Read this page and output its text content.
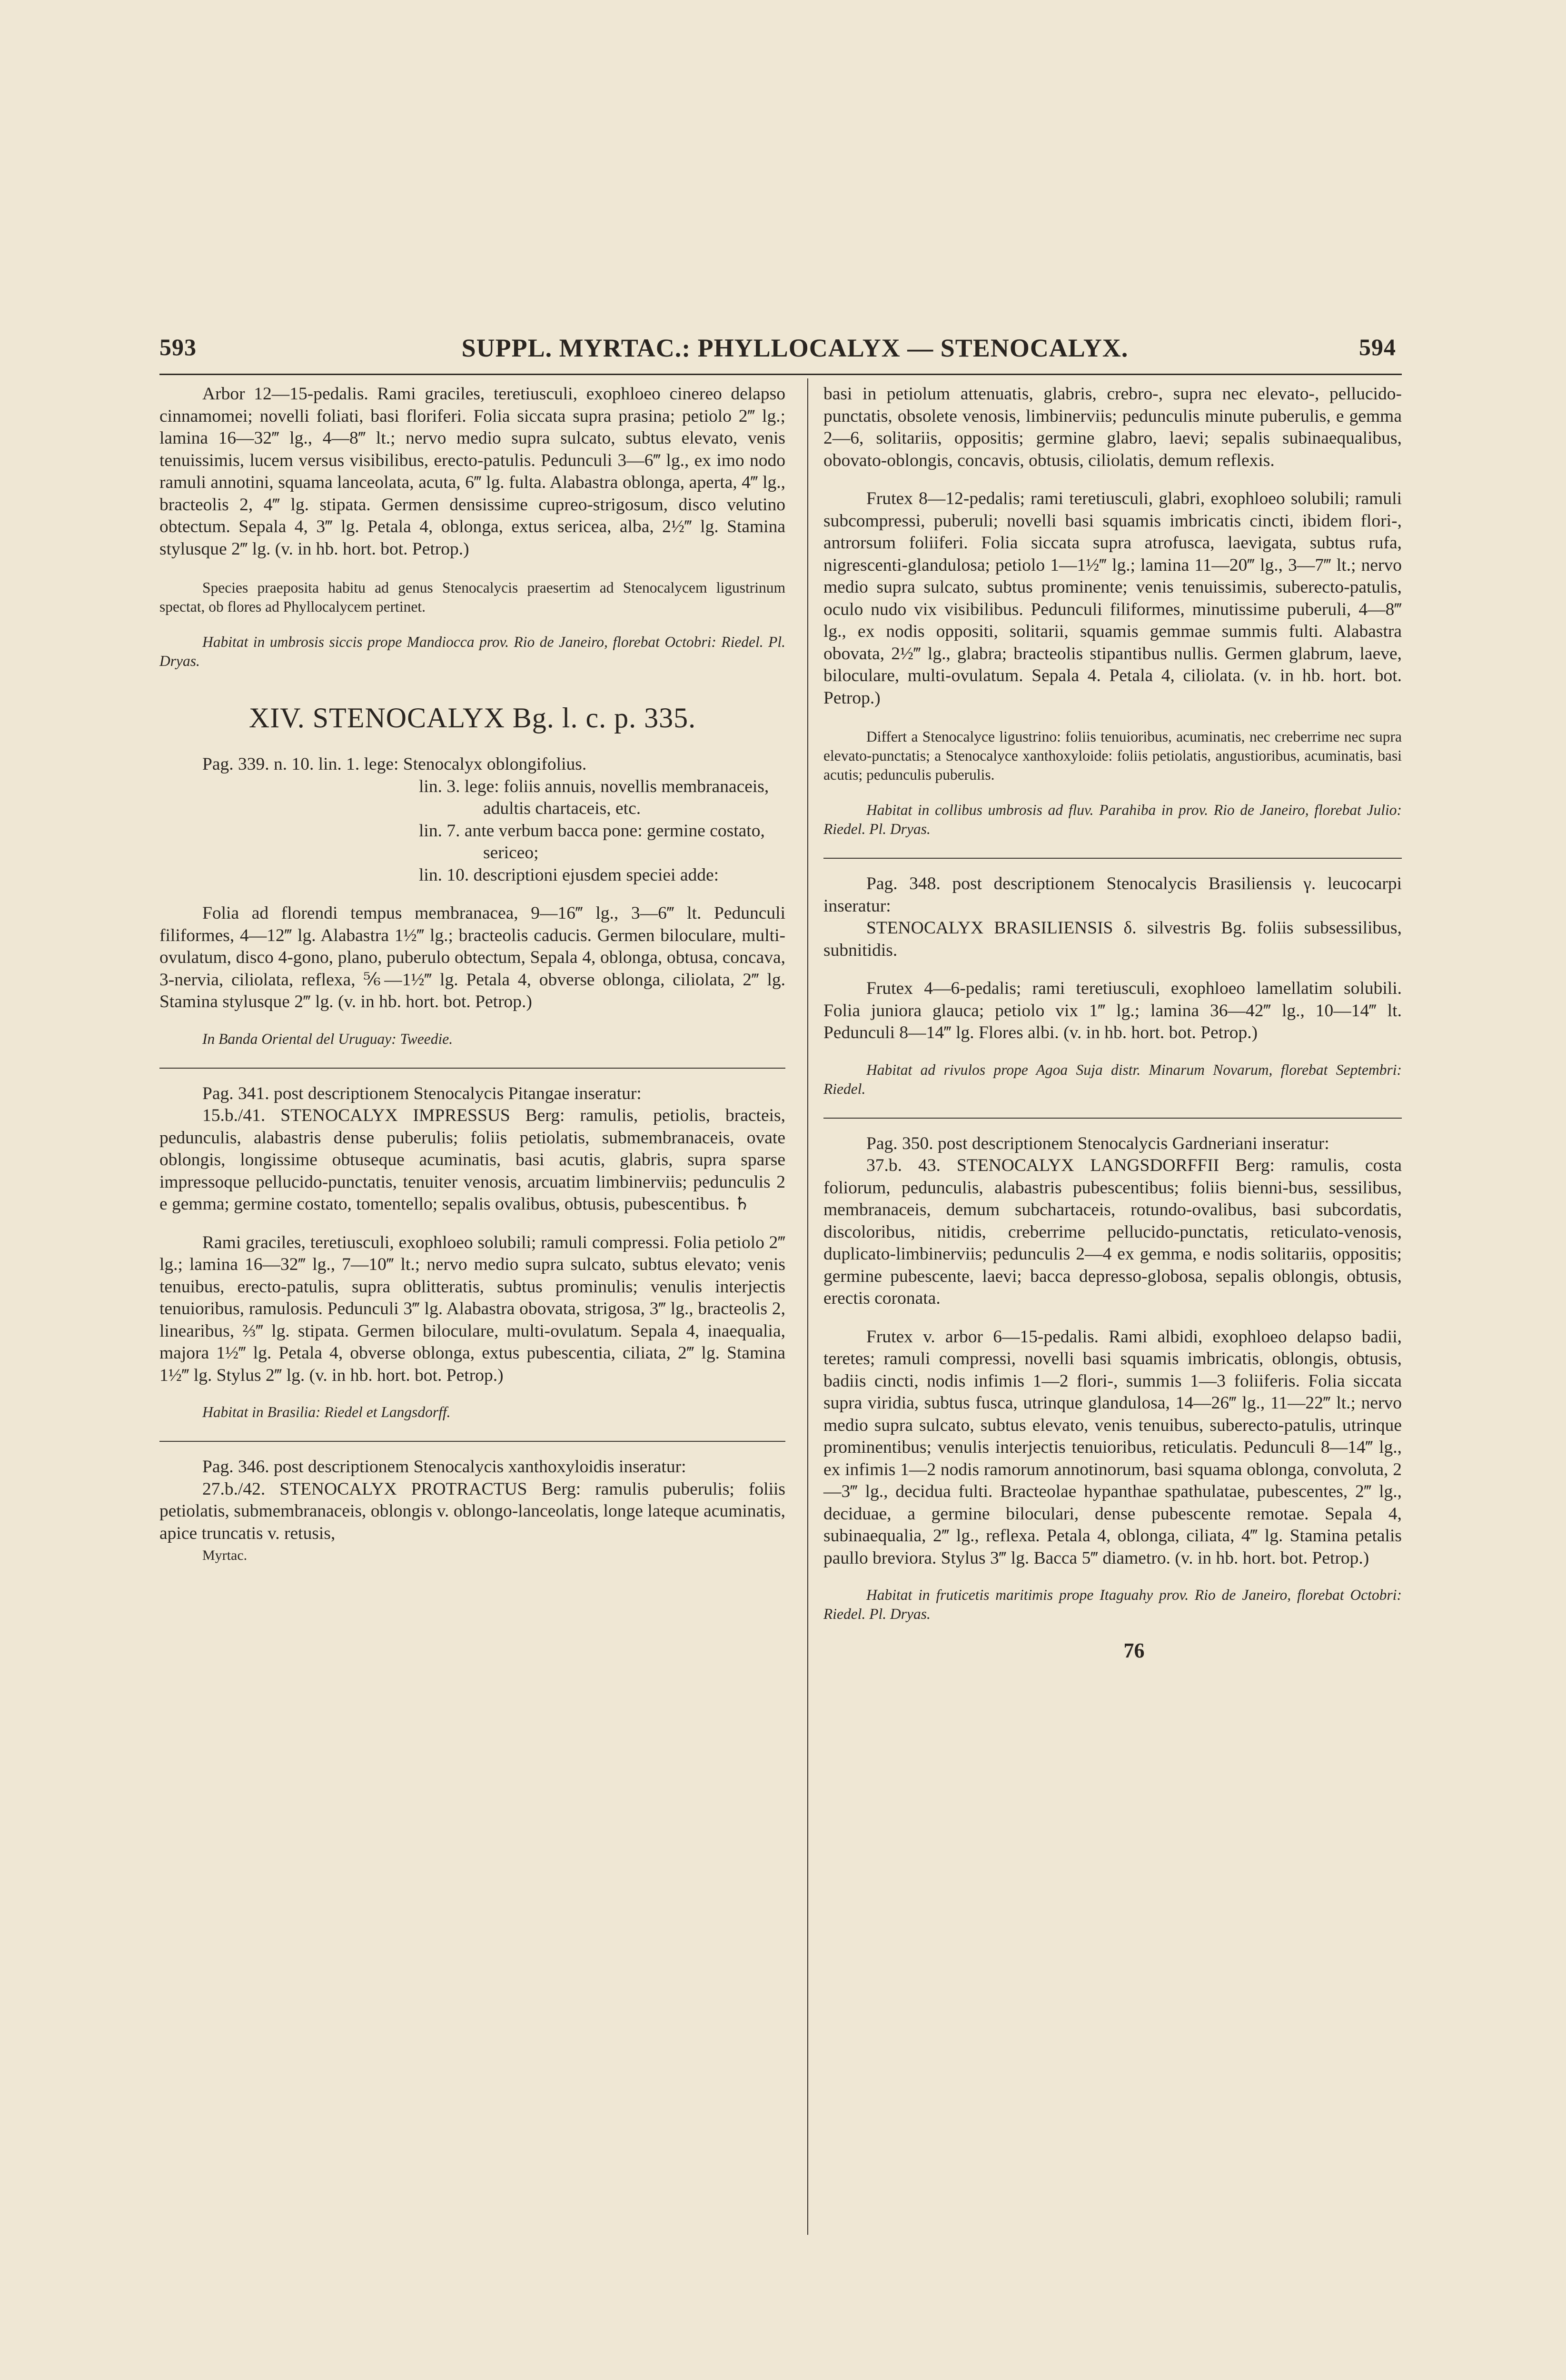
593	SUPPL. MYRTAC.: PHYLLOCALYX — STENOCALYX.	594

Arbor 12—15-pedalis. Rami graciles, teretiusculi, exophloeo cinereo delapso cinnamomei; novelli foliati, basi floriferi. Folia siccata supra prasina; petiolo 2‴ lg.; lamina 16—32‴ lg., 4—8‴ lt.; nervo medio supra sulcato, subtus elevato, venis tenuissimis, lucem versus visibilibus, erecto-patulis. Pedunculi 3—6‴ lg., ex imo nodo ramuli annotini, squama lanceolata, acuta, 6‴ lg. fulta. Alabastra oblonga, aperta, 4‴ lg., bracteolis 2, 4‴ lg. stipata. Germen densissime cupreo-strigosum, disco velutino obtectum. Sepala 4, 3‴ lg. Petala 4, oblonga, extus sericea, alba, 2½‴ lg. Stamina stylusque 2‴ lg. (v. in hb. hort. bot. Petrop.)

Species praeposita habitu ad genus Stenocalycis praesertim ad Stenocalycem ligustrinum spectat, ob flores ad Phyllocalycem pertinet.

Habitat in umbrosis siccis prope Mandiocca prov. Rio de Janeiro, florebat Octobri: Riedel. Pl. Dryas.

XIV. STENOCALYX Bg. l. c. p. 335.

Pag. 339. n. 10. lin. 1. lege: Stenocalyx oblongifolius.

lin. 3. lege: foliis annuis, novellis membranaceis,
adultis chartaceis, etc.

lin. 7. ante verbum bacca pone: germine costato,
sericeo;

lin. 10. descriptioni ejusdem speciei adde:

Folia ad florendi tempus membranacea, 9—16‴ lg., 3—6‴ lt. Pedunculi filiformes, 4—12‴ lg. Alabastra 1½‴ lg.; bracteolis caducis. Germen biloculare, multi-ovulatum, disco 4-gono, plano, puberulo obtectum, Sepala 4, oblonga, obtusa, concava, 3-nervia, ciliolata, reflexa, ⅚—1½‴ lg. Petala 4, obverse oblonga, ciliolata, 2‴ lg. Stamina stylusque 2‴ lg. (v. in hb. hort. bot. Petrop.)

In Banda Oriental del Uruguay: Tweedie.

Pag. 341. post descriptionem Stenocalycis Pitangae inseratur:

15.b./41. STENOCALYX IMPRESSUS Berg: ramulis, petiolis, bracteis, pedunculis, alabastris dense puberulis; foliis petiolatis, submembranaceis, ovate oblongis, longissime obtuseque acuminatis, basi acutis, glabris, supra sparse impressoque pellucido-punctatis, tenuiter venosis, arcuatim limbinerviis; pedunculis 2 e gemma; germine costato, tomentello; sepalis ovalibus, obtusis, pubescentibus. ♄

Rami graciles, teretiusculi, exophloeo solubili; ramuli compressi. Folia petiolo 2‴ lg.; lamina 16—32‴ lg., 7—10‴ lt.; nervo medio supra sulcato, subtus elevato; venis tenuibus, erecto-patulis, supra oblitteratis, subtus prominulis; venulis interjectis tenuioribus, ramulosis. Pedunculi 3‴ lg. Alabastra obovata, strigosa, 3‴ lg., bracteolis 2, linearibus, ⅔‴ lg. stipata. Germen biloculare, multi-ovulatum. Sepala 4, inaequalia, majora 1½‴ lg. Petala 4, obverse oblonga, extus pubescentia, ciliata, 2‴ lg. Stamina 1½‴ lg. Stylus 2‴ lg. (v. in hb. hort. bot. Petrop.)

Habitat in Brasilia: Riedel et Langsdorff.

Pag. 346. post descriptionem Stenocalycis xanthoxyloidis inseratur:

27.b./42. STENOCALYX PROTRACTUS Berg: ramulis puberulis; foliis petiolatis, submembranaceis, oblongis v. oblongo-lanceolatis, longe lateque acuminatis, apice truncatis v. retusis,

Myrtac.

basi in petiolum attenuatis, glabris, crebro-, supra nec elevato-, pellucido-punctatis, obsolete venosis, limbinerviis; pedunculis minute puberulis, e gemma 2—6, solitariis, oppositis; germine glabro, laevi; sepalis subinaequalibus, obovato-oblongis, concavis, obtusis, ciliolatis, demum reflexis.

Frutex 8—12-pedalis; rami teretiusculi, glabri, exophloeo solubili; ramuli subcompressi, puberuli; novelli basi squamis imbricatis cincti, ibidem flori-, antrorsum foliiferi. Folia siccata supra atrofusca, laevigata, subtus rufa, nigrescenti-glandulosa; petiolo 1—1½‴ lg.; lamina 11—20‴ lg., 3—7‴ lt.; nervo medio supra sulcato, subtus prominente; venis tenuissimis, suberecto-patulis, oculo nudo vix visibilibus. Pedunculi filiformes, minutissime puberuli, 4—8‴ lg., ex nodis oppositi, solitarii, squamis gemmae summis fulti. Alabastra obovata, 2½‴ lg., glabra; bracteolis stipantibus nullis. Germen glabrum, laeve, biloculare, multi-ovulatum. Sepala 4. Petala 4, ciliolata. (v. in hb. hort. bot. Petrop.)

Differt a Stenocalyce ligustrino: foliis tenuioribus, acuminatis, nec creberrime nec supra elevato-punctatis; a Stenocalyce xanthoxyloide: foliis petiolatis, angustioribus, acuminatis, basi acutis; pedunculis puberulis.

Habitat in collibus umbrosis ad fluv. Parahiba in prov. Rio de Janeiro, florebat Julio: Riedel. Pl. Dryas.

Pag. 348. post descriptionem Stenocalycis Brasiliensis γ. leucocarpi inseratur:

STENOCALYX BRASILIENSIS δ. silvestris Bg. foliis subsessilibus, subnitidis.

Frutex 4—6-pedalis; rami teretiusculi, exophloeo lamellatim solubili. Folia juniora glauca; petiolo vix 1‴ lg.; lamina 36—42‴ lg., 10—14‴ lt. Pedunculi 8—14‴ lg. Flores albi. (v. in hb. hort. bot. Petrop.)

Habitat ad rivulos prope Agoa Suja distr. Minarum Novarum, florebat Septembri: Riedel.

Pag. 350. post descriptionem Stenocalycis Gardneriani inseratur:

37.b. 43. STENOCALYX LANGSDORFFII Berg: ramulis, costa foliorum, pedunculis, alabastris pubescentibus; foliis bienni-bus, sessilibus, membranaceis, demum subchartaceis, rotundo-ovalibus, basi subcordatis, discoloribus, nitidis, creberrime pellucido-punctatis, reticulato-venosis, duplicato-limbinerviis; pedunculis 2—4 ex gemma, e nodis solitariis, oppositis; germine pubescente, laevi; bacca depresso-globosa, sepalis oblongis, obtusis, erectis coronata.

Frutex v. arbor 6—15-pedalis. Rami albidi, exophloeo delapso badii, teretes; ramuli compressi, novelli basi squamis imbricatis, oblongis, obtusis, badiis cincti, nodis infimis 1—2 flori-, summis 1—3 foliiferis. Folia siccata supra viridia, subtus fusca, utrinque glandulosa, 14—26‴ lg., 11—22‴ lt.; nervo medio supra sulcato, subtus elevato, venis tenuibus, suberecto-patulis, utrinque prominentibus; venulis interjectis tenuioribus, reticulatis. Pedunculi 8—14‴ lg., ex infimis 1—2 nodis ramorum annotinorum, basi squama oblonga, convoluta, 2—3‴ lg., decidua fulti. Bracteolae hypanthae spathulatae, pubescentes, 2‴ lg., deciduae, a germine biloculari, dense pubescente remotae. Sepala 4, subinaequalia, 2‴ lg., reflexa. Petala 4, oblonga, ciliata, 4‴ lg. Stamina petalis paullo breviora. Stylus 3‴ lg. Bacca 5‴ diametro. (v. in hb. hort. bot. Petrop.)

Habitat in fruticetis maritimis prope Itaguahy prov. Rio de Janeiro, florebat Octobri: Riedel. Pl. Dryas.

76
